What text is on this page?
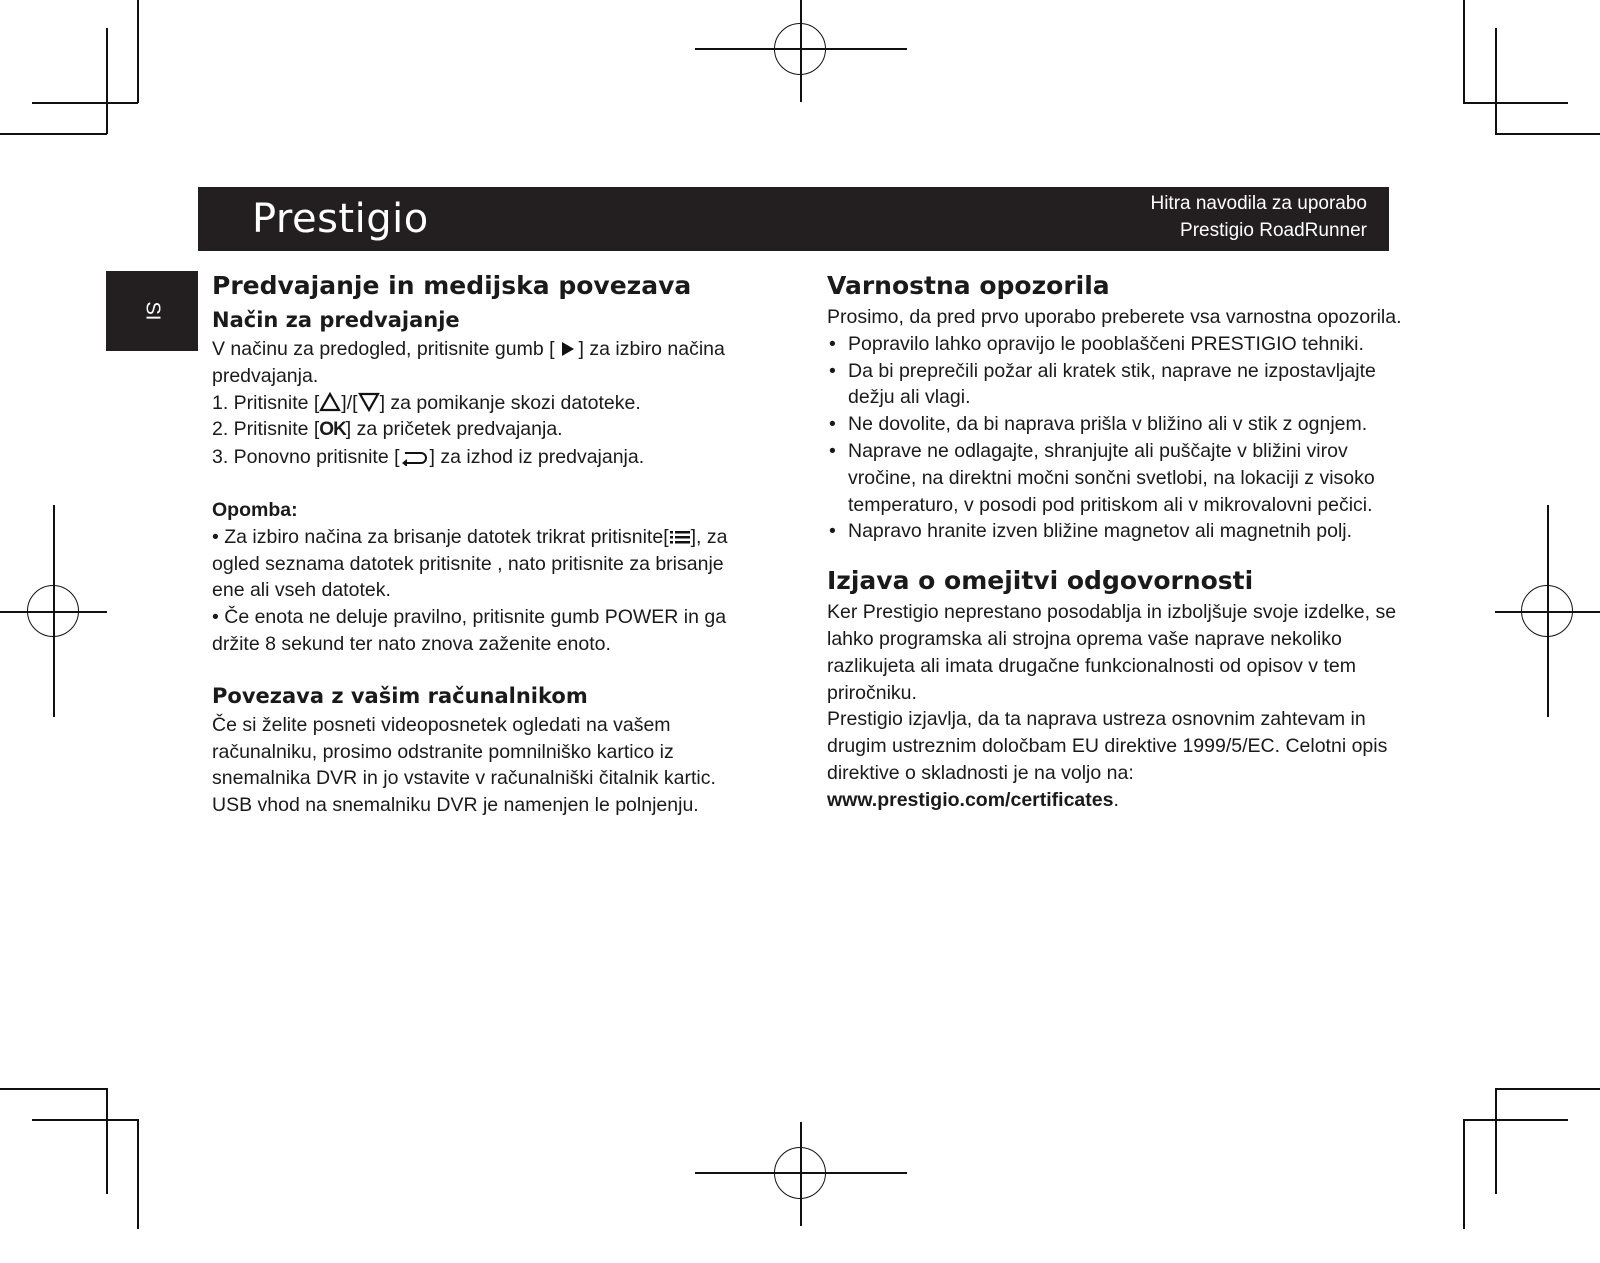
Prestigio	Hitra navodila za uporabo
Prestigio RoadRunner
SI
Predvajanje in medijska povezava
Način za predvajanje

V načinu za predogled, pritisnite gumb [ ] za izbiro načina predvajanja.

1. Pritisnite [ ]/[ ] za pomikanje skozi datoteke.

2. Pritisnite [OK] za pričetek predvajanja.

3. Ponovno pritisnite [ ] za izhod iz predvajanja.

Opomba:

• Za izbiro načina za brisanje datotek trikrat pritisnite[ ], za ogled seznama datotek pritisnite , nato pritisnite za brisanje ene ali vseh datotek.

• Če enota ne deluje pravilno, pritisnite gumb POWER in ga držite 8 sekund ter nato znova zaženite enoto.

Povezava z vašim računalnikom

Če si želite posneti videoposnetek ogledati na vašem računalniku, prosimo odstranite pomnilniško kartico iz snemalnika DVR in jo vstavite v računalniški čitalnik kartic. USB vhod na snemalniku DVR je namenjen le polnjenju.

Varnostna opozorila

Prosimo, da pred prvo uporabo preberete vsa varnostna opozorila.

• Popravilo lahko opravijo le pooblaščeni PRESTIGIO tehniki.
• Da bi preprečili požar ali kratek stik, naprave ne izpostavljajte dežju ali vlagi.
• Ne dovolite, da bi naprava prišla v bližino ali v stik z ognjem.
• Naprave ne odlagajte, shranjujte ali puščajte v bližini virov vročine, na direktni močni sončni svetlobi, na lokaciji z visoko temperaturo, v posodi pod pritiskom ali v mikrovalovni pečici.
• Napravo hranite izven bližine magnetov ali magnetnih polj.
Izjava o omejitvi odgovornosti

Ker Prestigio neprestano posodablja in izboljšuje svoje izdelke, se lahko programska ali strojna oprema vaše naprave nekoliko razlikujeta ali imata drugačne funkcionalnosti od opisov v tem priročniku.

Prestigio izjavlja, da ta naprava ustreza osnovnim zahtevam in drugim ustreznim določbam EU direktive 1999/5/EC. Celotni opis direktive o skladnosti je na voljo na:

www.prestigio.com/certificates.
